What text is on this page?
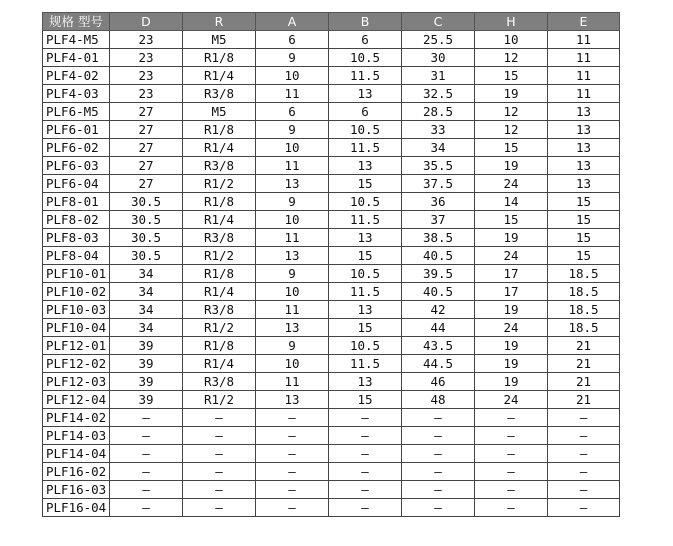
规格 型号	D	R	A	B	C	H	E
PLF4-M5	23	M5	6	6	25.5	10	11
PLF4-01	23	R1/8	9	10.5	30	12	11
PLF4-02	23	R1/4	10	11.5	31	15	11
PLF4-03	23	R3/8	11	13	32.5	19	11
PLF6-M5	27	M5	6	6	28.5	12	13
PLF6-01	27	R1/8	9	10.5	33	12	13
PLF6-02	27	R1/4	10	11.5	34	15	13
PLF6-03	27	R3/8	11	13	35.5	19	13
PLF6-04	27	R1/2	13	15	37.5	24	13
PLF8-01	30.5	R1/8	9	10.5	36	14	15
PLF8-02	30.5	R1/4	10	11.5	37	15	15
PLF8-03	30.5	R3/8	11	13	38.5	19	15
PLF8-04	30.5	R1/2	13	15	40.5	24	15
PLF10-01	34	R1/8	9	10.5	39.5	17	18.5
PLF10-02	34	R1/4	10	11.5	40.5	17	18.5
PLF10-03	34	R3/8	11	13	42	19	18.5
PLF10-04	34	R1/2	13	15	44	24	18.5
PLF12-01	39	R1/8	9	10.5	43.5	19	21
PLF12-02	39	R1/4	10	11.5	44.5	19	21
PLF12-03	39	R3/8	11	13	46	19	21
PLF12-04	39	R1/2	13	15	48	24	21
PLF14-02	–	–	–	–	–	–	–
PLF14-03	–	–	–	–	–	–	–
PLF14-04	–	–	–	–	–	–	–
PLF16-02	–	–	–	–	–	–	–
PLF16-03	–	–	–	–	–	–	–
PLF16-04	–	–	–	–	–	–	–
